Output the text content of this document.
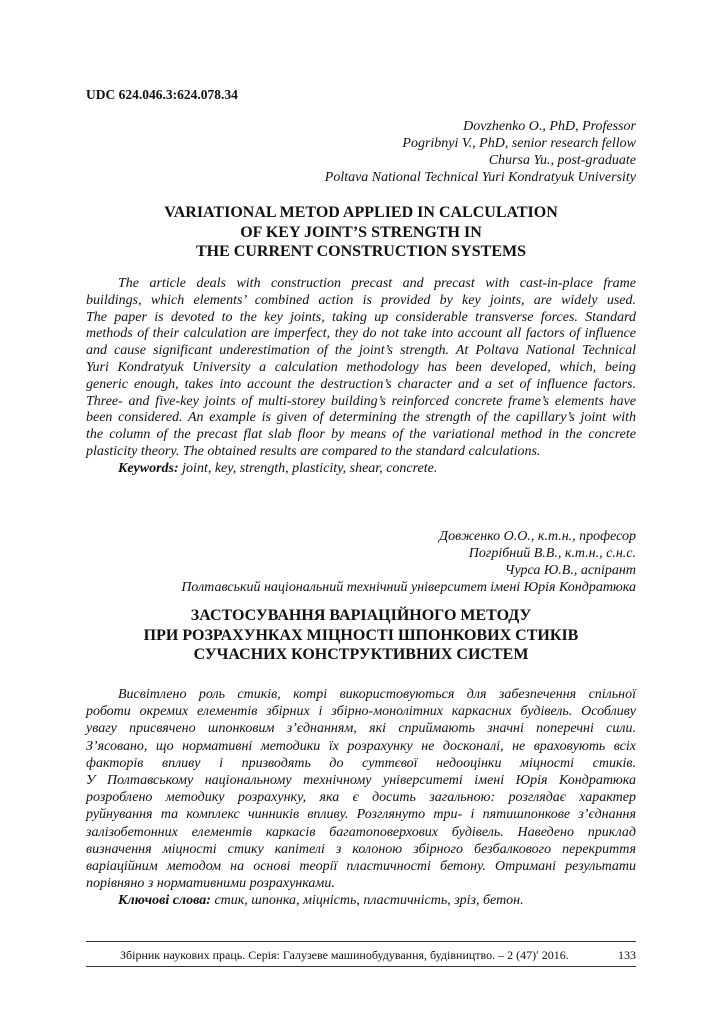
UDC 624.046.3:624.078.34
Dovzhenko O., PhD, Professor
Pogribnyi V., PhD, senior research fellow
Chursa Yu., post-graduate
Poltava National Technical Yuri Kondratyuk University
VARIATIONAL METOD APPLIED IN CALCULATION
OF KEY JOINT’S STRENGTH IN
THE CURRENT CONSTRUCTION SYSTEMS
The article deals with construction precast and precast with cast-in-place frame
buildings, which elements’ combined action is provided by key joints, are widely used.
The paper is devoted to the key joints, taking up considerable transverse forces. Standard
methods of their calculation are imperfect, they do not take into account all factors of influence
and cause significant underestimation of the joint’s strength. At Poltava National Technical
Yuri Kondratyuk University a calculation methodology has been developed, which, being
generic enough, takes into account the destruction’s character and a set of influence factors.
Three- and five-key joints of multi-storey building’s reinforced concrete frame’s elements have
been considered. An example is given of determining the strength of the capillary’s joint with
the column of the precast flat slab floor by means of the variational method in the concrete
plasticity theory. The obtained results are compared to the standard calculations.
Keywords: joint, key, strength, plasticity, shear, concrete.
Довженко О.О., к.т.н., професор
Погрібний В.В., к.т.н., с.н.с.
Чурса Ю.В., аспірант
Полтавський національний технічний університет імені Юрія Кондратюка
ЗАСТОСУВАННЯ ВАРІАЦІЙНОГО МЕТОДУ
ПРИ РОЗРАХУНКАХ МІЦНОСТІ ШПОНКОВИХ СТИКІВ
СУЧАСНИХ КОНСТРУКТИВНИХ СИСТЕМ
Висвітлено роль стиків, котрі використовуються для забезпечення спільної
роботи окремих елементів збірних і збірно-монолітних каркасних будівель. Особливу
увагу присвячено шпонковим з’єднанням, які сприймають значні поперечні сили.
З’ясовано, що нормативні методики їх розрахунку не досконалі, не враховують всіх
факторів впливу і призводять до суттєвої недооцінки міцності стиків.
У Полтавському національному технічному університеті імені Юрія Кондратюка
розроблено методику розрахунку, яка є досить загальною: розглядає характер
руйнування та комплекс чинників впливу. Розглянуто три- і пятишпонкове з’єднання
залізобетонних елементів каркасів багатоповерхових будівель. Наведено приклад
визначення міцності стику капітелі з колоною збірного безбалкового перекриття
варіаційним методом на основі теорії пластичності бетону. Отримані результати
порівняно з нормативними розрахунками.
Ключові слова: стик, шпонка, міцність, пластичність, зріз, бетон.
Збірник наукових праць. Серія: Галузеве машинобудування, будівництво. – 2 (47)ʹ 2016.	133
